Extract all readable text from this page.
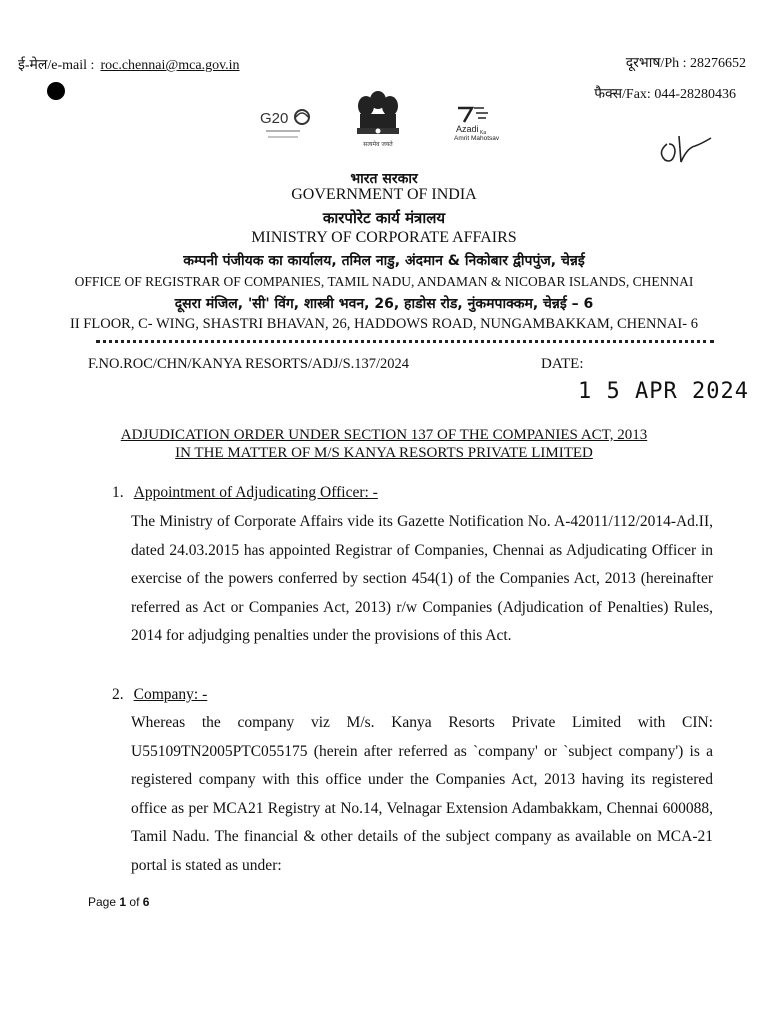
ई-मेल/e-mail : roc.chennai@mca.gov.in	दूरभाष/Ph : 28276652
फैक्स/Fax: 044-28280436
G20
सत्यमेव जयते
Azadi Ka
Amrit Mahotsav
भारत सरकार
GOVERNMENT OF INDIA
कारपोरेट कार्य मंत्रालय
MINISTRY OF CORPORATE AFFAIRS
कम्पनी पंजीयक का कार्यालय, तमिल नाडु, अंदमान & निकोबार द्वीपपुंज, चेन्नई
OFFICE OF REGISTRAR OF COMPANIES, TAMIL NADU, ANDAMAN & NICOBAR ISLANDS, CHENNAI
दूसरा मंजिल, 'सी' विंग, शास्त्री भवन, 26, हाडोस रोड, नुंकमपाक्कम, चेन्नई – 6
II FLOOR, C- WING, SHASTRI BHAVAN, 26, HADDOWS ROAD, NUNGAMBAKKAM, CHENNAI- 6
F.NO.ROC/CHN/KANYA RESORTS/ADJ/S.137/2024	DATE:
1 5 APR 2024
ADJUDICATION ORDER UNDER SECTION 137 OF THE COMPANIES ACT, 2013
IN THE MATTER OF M/S KANYA RESORTS PRIVATE LIMITED
1. Appointment of Adjudicating Officer: -
The Ministry of Corporate Affairs vide its Gazette Notification No. A-42011/112/2014-Ad.II, dated 24.03.2015 has appointed Registrar of Companies, Chennai as Adjudicating Officer in exercise of the powers conferred by section 454(1) of the Companies Act, 2013 (hereinafter referred as Act or Companies Act, 2013) r/w Companies (Adjudication of Penalties) Rules, 2014 for adjudging penalties under the provisions of this Act.
2. Company: -
Whereas the company viz M/s. Kanya Resorts Private Limited with CIN: U55109TN2005PTC055175 (herein after referred as `company' or `subject company') is a registered company with this office under the Companies Act, 2013 having its registered office as per MCA21 Registry at No.14, Velnagar Extension Adambakkam, Chennai 600088, Tamil Nadu. The financial & other details of the subject company as available on MCA-21 portal is stated as under:
Page 1 of 6
